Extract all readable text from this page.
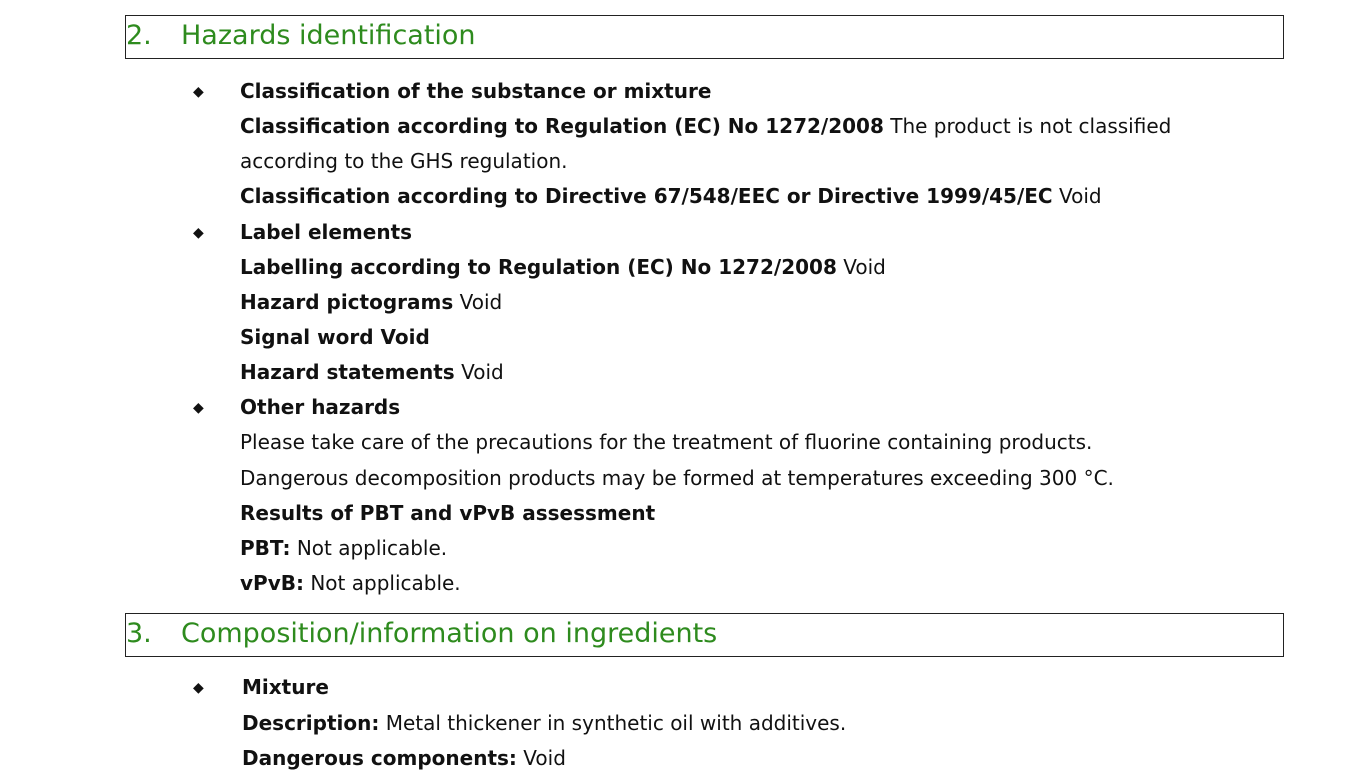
2. Hazards identification
◆ Classification of the substance or mixture
Classification according to Regulation (EC) No 1272/2008 The product is not classified
according to the GHS regulation.
Classification according to Directive 67/548/EEC or Directive 1999/45/EC Void
◆ Label elements
Labelling according to Regulation (EC) No 1272/2008 Void
Hazard pictograms Void
Signal word Void
Hazard statements Void
◆ Other hazards
Please take care of the precautions for the treatment of fluorine containing products.
Dangerous decomposition products may be formed at temperatures exceeding 300 °C.
Results of PBT and vPvB assessment
PBT: Not applicable.
vPvB: Not applicable.
3. Composition/information on ingredients
◆ Mixture
Description: Metal thickener in synthetic oil with additives.
Dangerous components: Void
